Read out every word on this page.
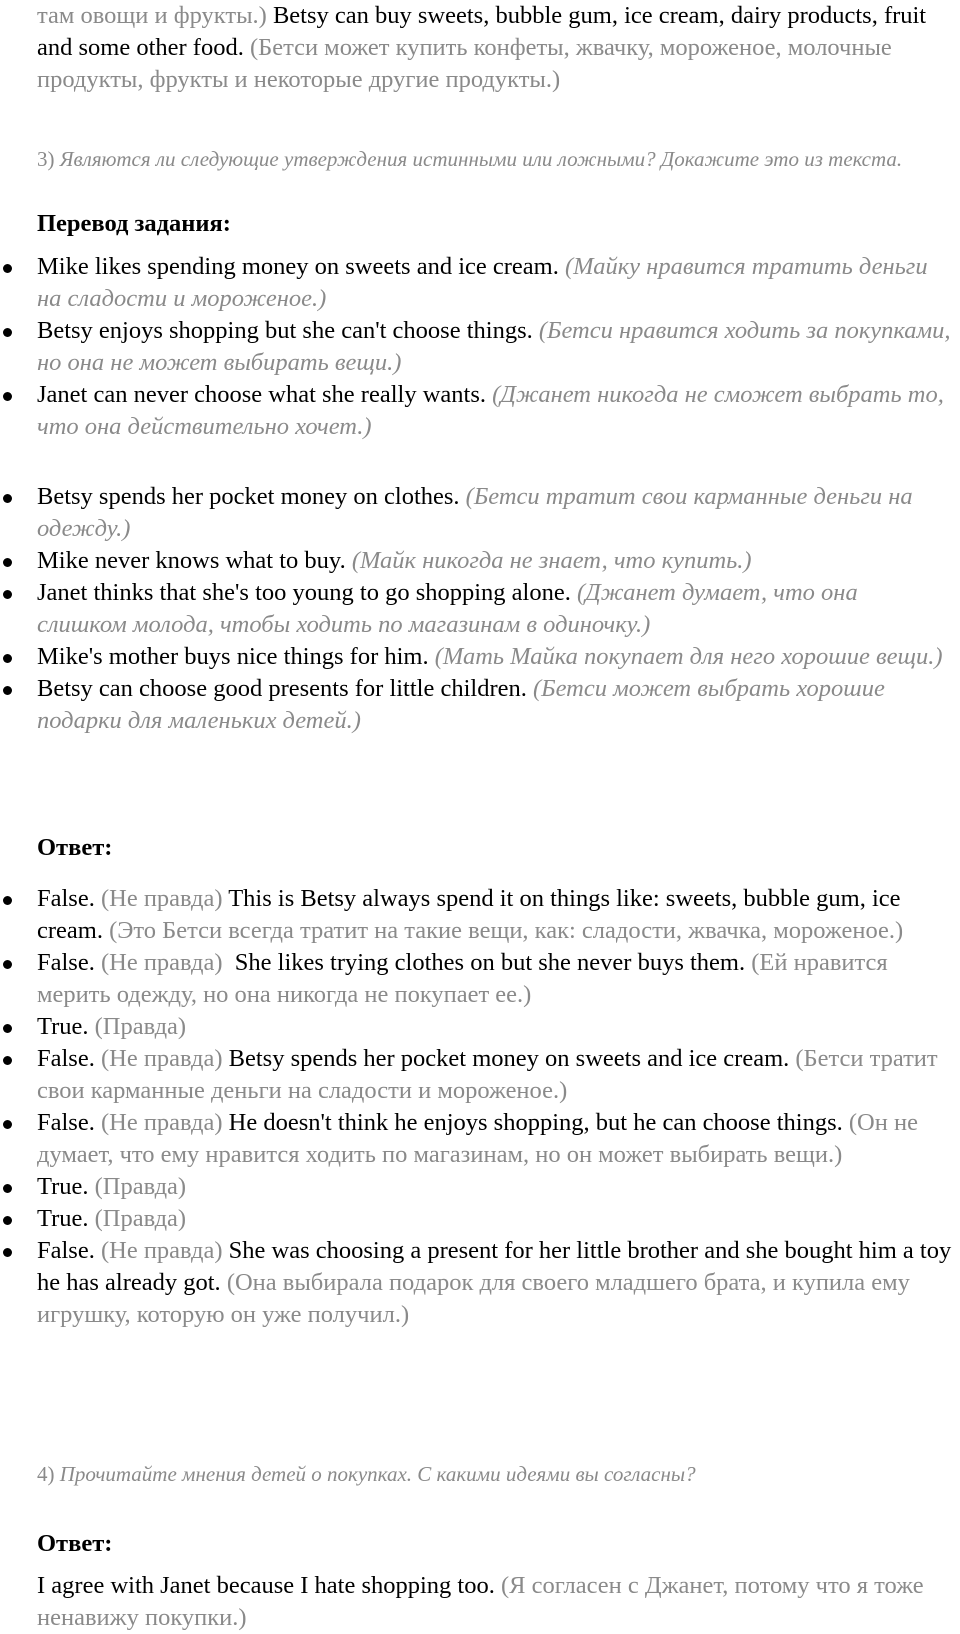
там овощи и фрукты.) Betsy can buy sweets, bubble gum, ice cream, dairy products, fruit and some other food. (Бетси может купить конфеты, жвачку, мороженое, молочные продукты, фрукты и некоторые другие продукты.)

3) Являются ли следующие утверждения истинными или ложными? Докажите это из текста.

Перевод задания:

Mike likes spending money on sweets and ice cream. (Майку нравится тратить деньги на сладости и мороженое.)
Betsy enjoys shopping but she can't choose things. (Бетси нравится ходить за покупками, но она не может выбирать вещи.)
Janet can never choose what she really wants. (Джанет никогда не сможет выбрать то, что она действительно хочет.)
Betsy spends her pocket money on clothes. (Бетси тратит свои карманные деньги на одежду.)
Mike never knows what to buy. (Майк никогда не знает, что купить.)
Janet thinks that she's too young to go shopping alone. (Джанет думает, что она слишком молода, чтобы ходить по магазинам в одиночку.)
Mike's mother buys nice things for him. (Мать Майка покупает для него хорошие вещи.)
Betsy can choose good presents for little children. (Бетси может выбрать хорошие подарки для маленьких детей.)

Ответ:

False. (Не правда) This is Betsy always spend it on things like: sweets, bubble gum, ice cream. (Это Бетси всегда тратит на такие вещи, как: сладости, жвачка, мороженое.)
False. (Не правда) She likes trying clothes on but she never buys them. (Ей нравится мерить одежду, но она никогда не покупает ее.)
True. (Правда)
False. (Не правда) Betsy spends her pocket money on sweets and ice cream. (Бетси тратит свои карманные деньги на сладости и мороженое.)
False. (Не правда) He doesn't think he enjoys shopping, but he can choose things. (Он не думает, что ему нравится ходить по магазинам, но он может выбирать вещи.)
True. (Правда)
True. (Правда)
False. (Не правда) She was choosing a present for her little brother and she bought him a toy he has already got. (Она выбирала подарок для своего младшего брата, и купила ему игрушку, которую он уже получил.)

4) Прочитайте мнения детей о покупках. С какими идеями вы согласны?

Ответ:

I agree with Janet because I hate shopping too. (Я согласен с Джанет, потому что я тоже ненавижу покупки.)
